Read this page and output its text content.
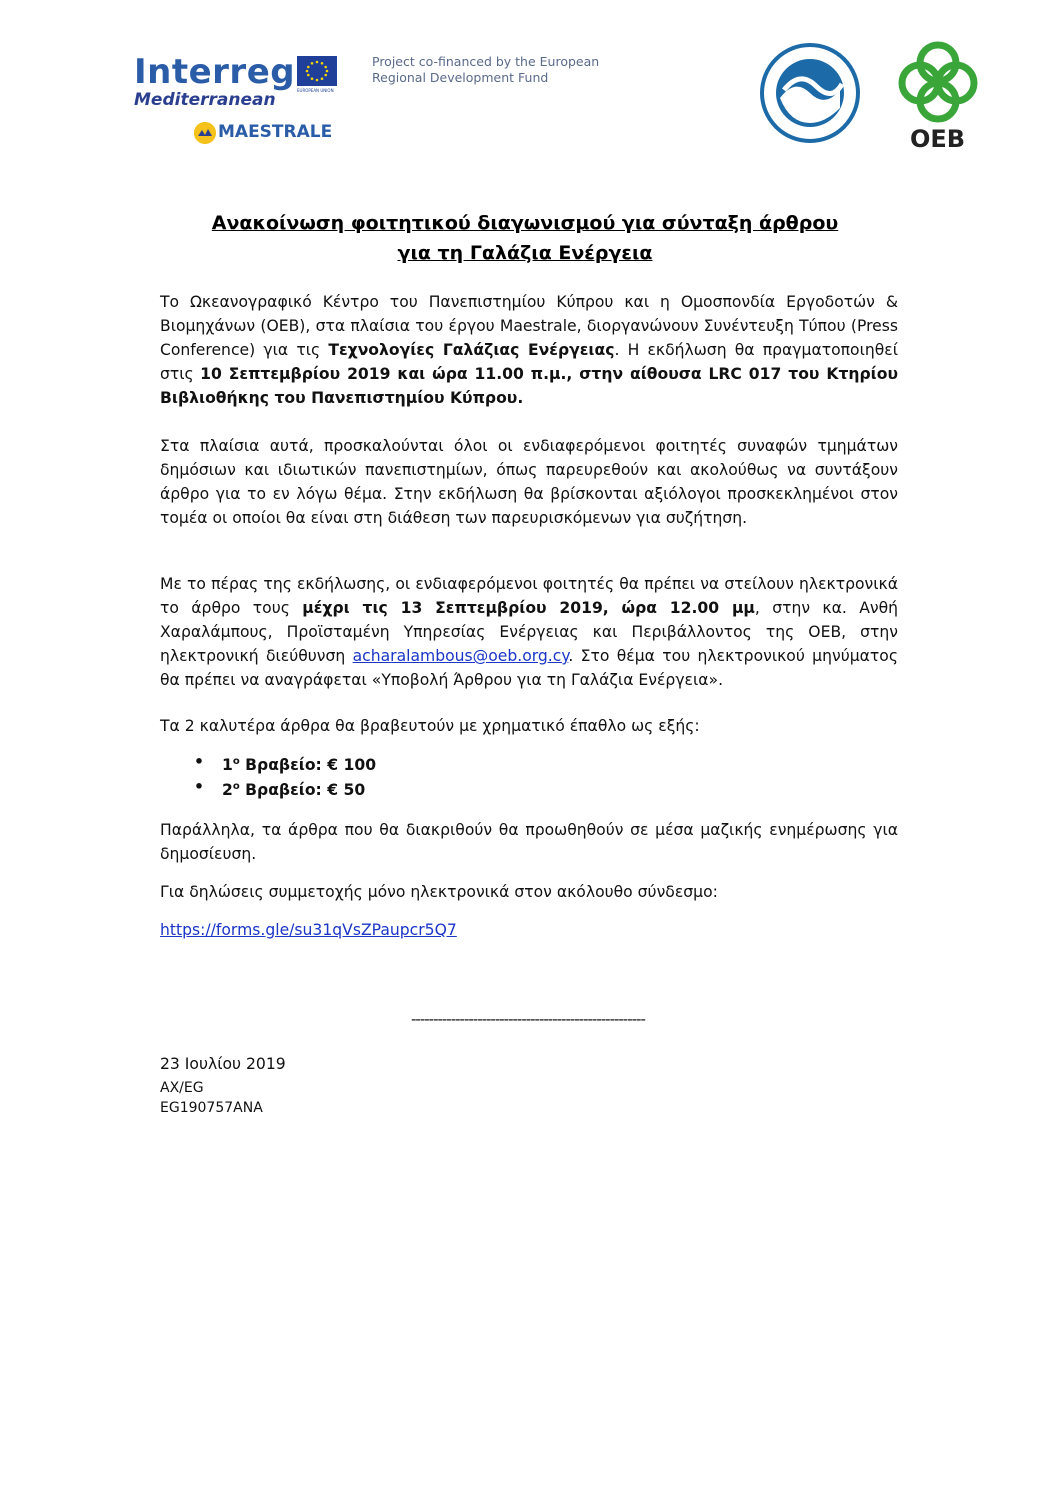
Interreg EUROPEAN UNION
Mediterranean
MAESTRALE
Project co-financed by the European
Regional Development Fund
OEB
Ανακοίνωση φοιτητικού διαγωνισμού για σύνταξη άρθρου
για τη Γαλάζια Ενέργεια
Το Ωκεανογραφικό Κέντρο του Πανεπιστημίου Κύπρου και η Ομοσπονδία Εργοδοτών & Βιομηχάνων (ΟΕΒ), στα πλαίσια του έργου Maestrale, διοργανώνουν Συνέντευξη Τύπου (Press Conference) για τις Τεχνολογίες Γαλάζιας Ενέργειας. Η εκδήλωση θα πραγματοποιηθεί στις 10 Σεπτεμβρίου 2019 και ώρα 11.00 π.μ., στην αίθουσα LRC 017 του Κτηρίου Βιβλιοθήκης του Πανεπιστημίου Κύπρου.
Στα πλαίσια αυτά, προσκαλούνται όλοι οι ενδιαφερόμενοι φοιτητές συναφών τμημάτων δημόσιων και ιδιωτικών πανεπιστημίων, όπως παρευρεθούν και ακολούθως να συντάξουν άρθρο για το εν λόγω θέμα. Στην εκδήλωση θα βρίσκονται αξιόλογοι προσκεκλημένοι στον τομέα οι οποίοι θα είναι στη διάθεση των παρευρισκόμενων για συζήτηση.
Με το πέρας της εκδήλωσης, οι ενδιαφερόμενοι φοιτητές θα πρέπει να στείλουν ηλεκτρονικά το άρθρο τους μέχρι τις 13 Σεπτεμβρίου 2019, ώρα 12.00 μμ, στην κα. Ανθή Χαραλάμπους, Προϊσταμένη Υπηρεσίας Ενέργειας και Περιβάλλοντος της ΟΕΒ, στην ηλεκτρονική διεύθυνση acharalambous@oeb.org.cy. Στο θέμα του ηλεκτρονικού μηνύματος θα πρέπει να αναγράφεται «Υποβολή Άρθρου για τη Γαλάζια Ενέργεια».
Τα 2 καλυτέρα άρθρα θα βραβευτούν με χρηματικό έπαθλο ως εξής:
• $1^o$ Βραβείο: € 100
• $2^o$ Βραβείο: € 50
Παράλληλα, τα άρθρα που θα διακριθούν θα προωθηθούν σε μέσα μαζικής ενημέρωσης για δημοσίευση.
Για δηλώσεις συμμετοχής μόνο ηλεκτρονικά στον ακόλουθο σύνδεσμο:
https://forms.gle/su31qVsZPaupcr5Q7
-----------------------------------------------------
23 Ιουλίου 2019
AX/EG
EG190757ANA
